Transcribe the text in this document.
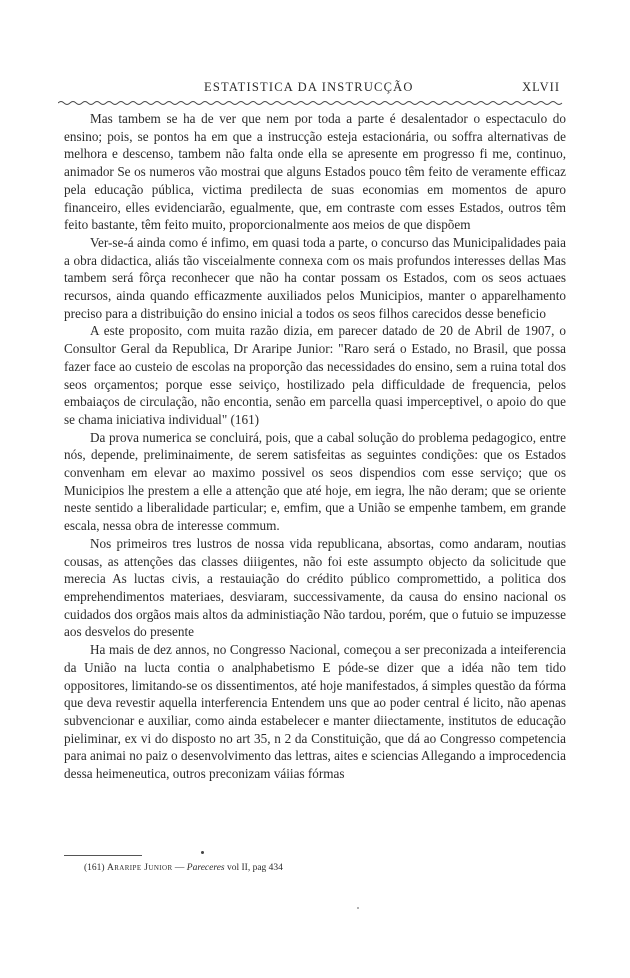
ESTATISTICA DA INSTRUCÇÃO	XLVII

Mas tambem se ha de ver que nem por toda a parte é desalentador o espectaculo do ensino; pois, se pontos ha em que a instrucção esteja estacionária, ou soffra alternativas de melhora e descenso, tambem não falta onde ella se apresente em progresso fi me, continuo, animador Se os numeros vão mostrai que alguns Estados pouco têm feito de veramente efficaz pela educação pública, victima predilecta de suas economias em momentos de apuro financeiro, elles evidenciarão, egualmente, que, em contraste com esses Estados, outros têm feito bastante, têm feito muito, proporcionalmente aos meios de que dispõem

Ver-se-á ainda como é infimo, em quasi toda a parte, o concurso das Municipalidades paia a obra didactica, aliás tão visceialmente connexa com os mais profundos interesses dellas Mas tambem será fôrça reconhecer que não ha contar possam os Estados, com os seos actuaes recursos, ainda quando efficazmente auxiliados pelos Municipios, manter o apparelhamento preciso para a distribuição do ensino inicial a todos os seos filhos carecidos desse beneficio

A este proposito, com muita razão dizia, em parecer datado de 20 de Abril de 1907, o Consultor Geral da Republica, Dr Araripe Junior: "Raro será o Estado, no Brasil, que possa fazer face ao custeio de escolas na proporção das necessidades do ensino, sem a ruina total dos seos orçamentos; porque esse seiviço, hostilizado pela difficuldade de frequencia, pelos embaiaços de circulação, não encontia, senão em parcella quasi imperceptivel, o apoio do que se chama iniciativa individual" (161)

Da prova numerica se concluirá, pois, que a cabal solução do problema pedagogico, entre nós, depende, preliminaimente, de serem satisfeitas as seguintes condições: que os Estados convenham em elevar ao maximo possivel os seos dispendios com esse serviço; que os Municipios lhe prestem a elle a attenção que até hoje, em iegra, lhe não deram; que se oriente neste sentido a liberalidade particular; e, emfim, que a União se empenhe tambem, em grande escala, nessa obra de interesse commum.

Nos primeiros tres lustros de nossa vida republicana, absortas, como andaram, noutias cousas, as attenções das classes diiigentes, não foi este assumpto objecto da solicitude que merecia As luctas civis, a restauiação do crédito público compromettido, a politica dos emprehendimentos materiaes, desviaram, successivamente, da causa do ensino nacional os cuidados dos orgãos mais altos da administiação Não tardou, porém, que o futuio se impuzesse aos desvelos do presente

Ha mais de dez annos, no Congresso Nacional, começou a ser preconizada a inteiferencia da União na lucta contia o analphabetismo E póde-se dizer que a idéa não tem tido oppositores, limitando-se os dissentimentos, até hoje manifestados, á simples questão da fórma que deva revestir aquella interferencia Entendem uns que ao poder central é licito, não apenas subvencionar e auxiliar, como ainda estabelecer e manter diiectamente, institutos de educação pieliminar, ex vi do disposto no art 35, n 2 da Constituição, que dá ao Congresso competencia para animai no paiz o desenvolvimento das lettras, aites e sciencias Allegando a improcedencia dessa heimeneutica, outros preconizam váiias fórmas

(161) Araripe Junior — Pareceres vol II, pag 434
